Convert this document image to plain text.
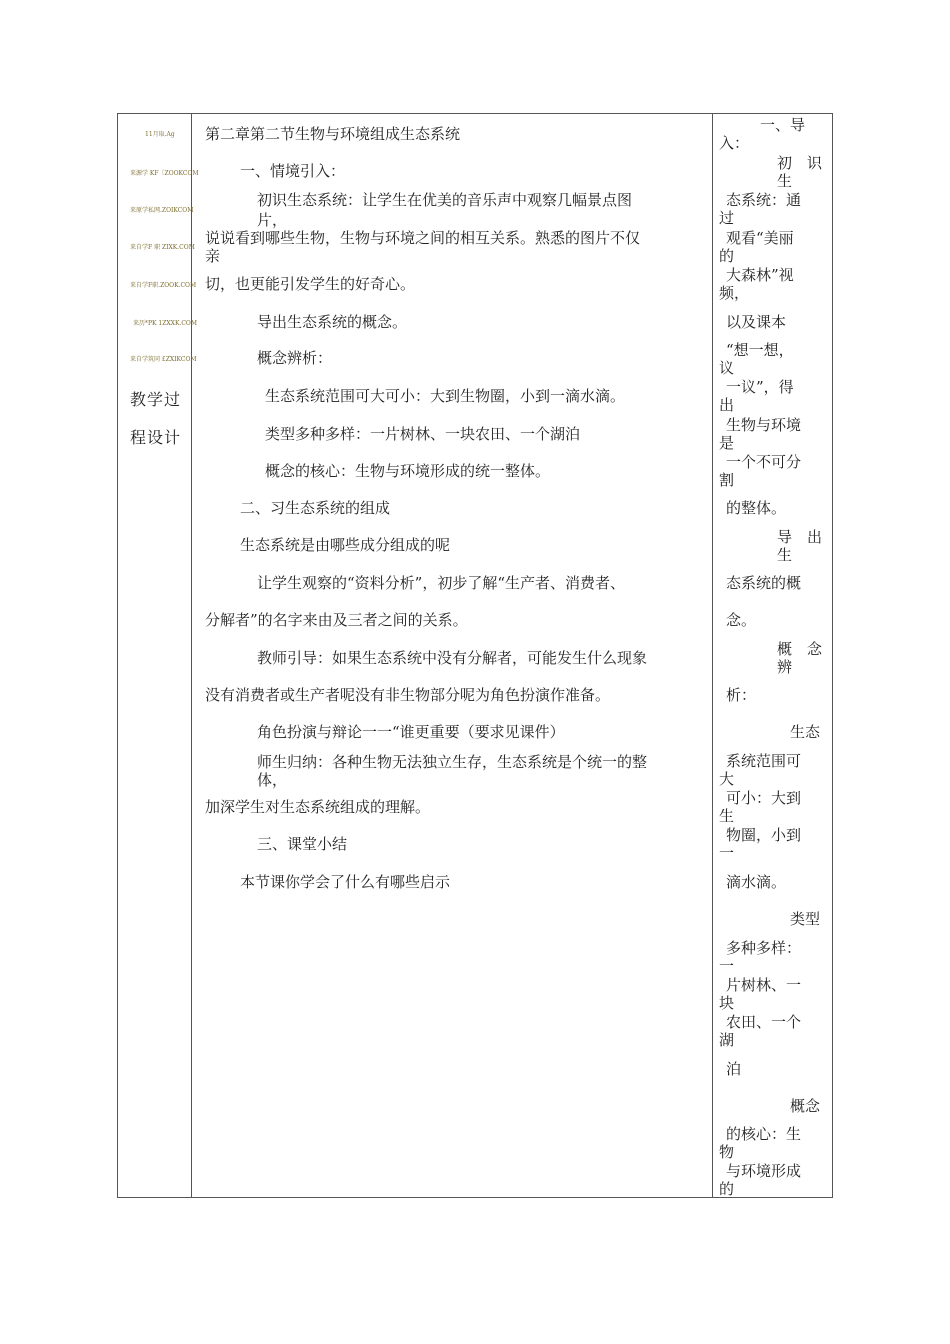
11月取.Ag
来源学 KF〔ZOOKCOM
来原学私网.ZOIKCOM
来自学F 职 ZIXK.COM
来自学F职.ZOOK.COM
来历*PK 1ZXXK.COM
来自学筑同 £ZXIKCOM
教学过
程设计
第二章第二节生物与环境组成生态系统
一、情境引入：
初识生态系统：让学生在优美的音乐声中观察几幅景点图
片，
说说看到哪些生物，生物与环境之间的相互关系。熟悉的图片不仅
亲
切，也更能引发学生的好奇心。
导出生态系统的概念。
概念辨析：
生态系统范围可大可小：大到生物圈，小到一滴水滴。
类型多种多样：一片树林、一块农田、一个湖泊
概念的核心：生物与环境形成的统一整体。
二、习生态系统的组成
生态系统是由哪些成分组成的呢
让学生观察的“资料分析”，初步了解“生产者、消费者、
分解者”的名字来由及三者之间的关系。
教师引导：如果生态系统中没有分解者，可能发生什么现象
没有消费者或生产者呢没有非生物部分呢为角色扮演作准备。
角色扮演与辩论一一“谁更重要（要求见课件）
师生归纳：各种生物无法独立生存，生态系统是个统一的整
体，
加深学生对生态系统组成的理解。
三、课堂小结
本节课你学会了什么有哪些启示
一、导
入：
初　识
生
态系统：通
过
观看“美丽
的
大森林”视
频，
以及课本
“想一想，
议
一议”，得
出
生物与环境
是
一个不可分
割
的整体。
导　出
生
态系统的概
念。
概　念
辨
析：
生态
系统范围可
大
可小：大到
生
物圈，小到
一
滴水滴。
类型
多种多样：
一
片树林、一
块
农田、一个
湖
泊
概念
的核心：生
物
与环境形成
的
